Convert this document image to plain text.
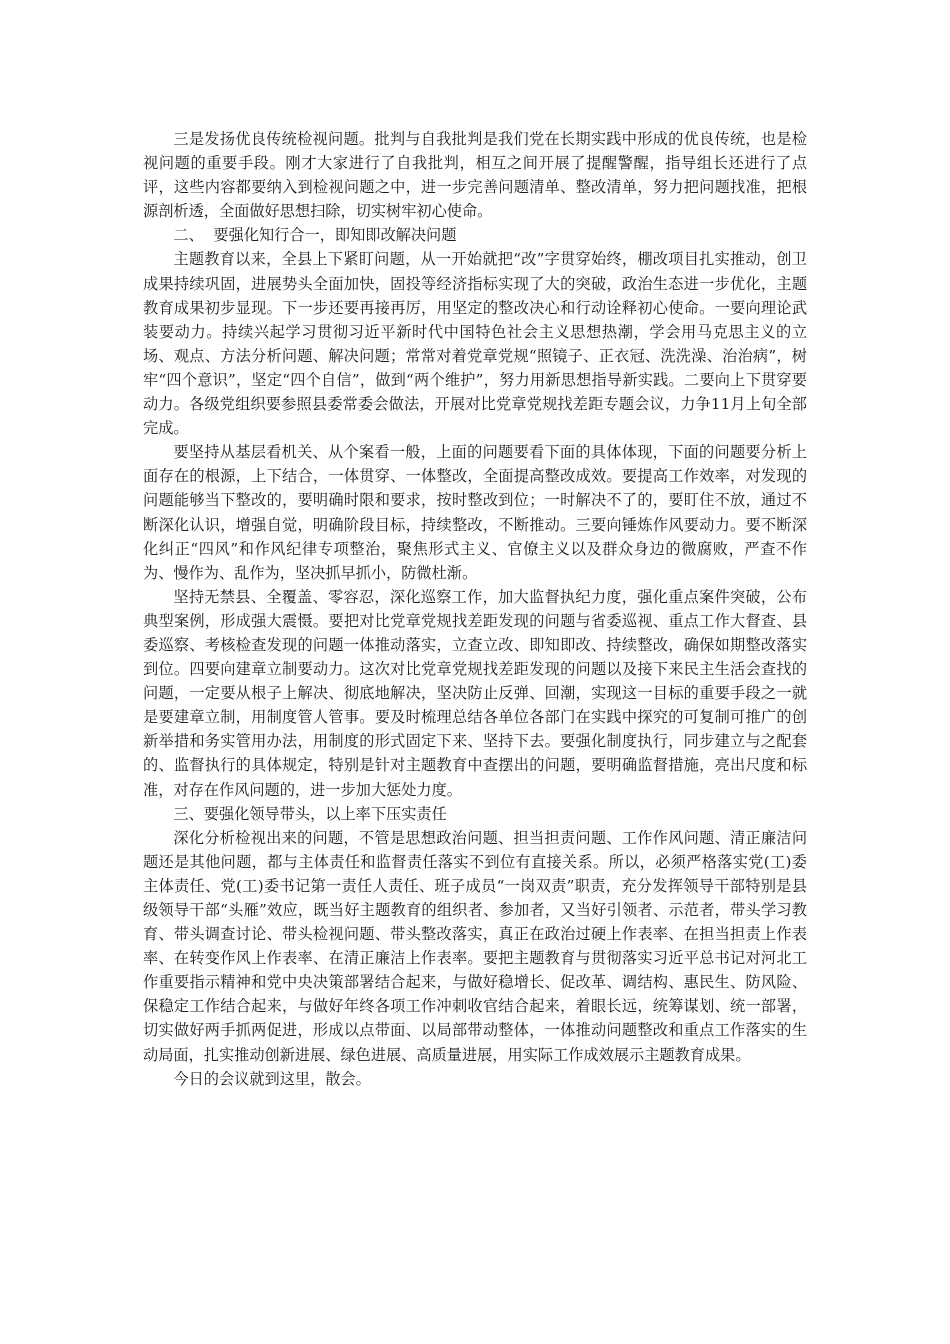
三是发扬优良传统检视问题。批判与自我批判是我们党在长期实践中形成的优良传统，也是检视问题的重要手段。刚才大家进行了自我批判，相互之间开展了提醒警醒，指导组长还进行了点评，这些内容都要纳入到检视问题之中，进一步完善问题清单、整改清单，努力把问题找准，把根源剖析透，全面做好思想扫除，切实树牢初心使命。

二、  要强化知行合一，即知即改解决问题

主题教育以来，全县上下紧盯问题，从一开始就把“改”字贯穿始终，棚改项目扎实推动，创卫成果持续巩固，进展势头全面加快，固投等经济指标实现了大的突破，政治生态进一步优化，主题教育成果初步显现。下一步还要再接再厉，用坚定的整改决心和行动诠释初心使命。一要向理论武装要动力。持续兴起学习贯彻习近平新时代中国特色社会主义思想热潮，学会用马克思主义的立场、观点、方法分析问题、解决问题；常常对着党章党规“照镜子、正衣冠、洗洗澡、治治病”，树牢“四个意识”，坚定“四个自信”，做到“两个维护”，努力用新思想指导新实践。二要向上下贯穿要动力。各级党组织要参照县委常委会做法，开展对比党章党规找差距专题会议，力争11月上旬全部完成。

要坚持从基层看机关、从个案看一般，上面的问题要看下面的具体体现，下面的问题要分析上面存在的根源，上下结合，一体贯穿、一体整改，全面提高整改成效。要提高工作效率，对发现的问题能够当下整改的，要明确时限和要求，按时整改到位；一时解决不了的，要盯住不放，通过不断深化认识，增强自觉，明确阶段目标，持续整改，不断推动。三要向锤炼作风要动力。要不断深化纠正“四风”和作风纪律专项整治，聚焦形式主义、官僚主义以及群众身边的微腐败，严查不作为、慢作为、乱作为，坚决抓早抓小，防微杜渐。

坚持无禁县、全覆盖、零容忍，深化巡察工作，加大监督执纪力度，强化重点案件突破，公布典型案例，形成强大震慑。要把对比党章党规找差距发现的问题与省委巡视、重点工作大督查、县委巡察、考核检查发现的问题一体推动落实，立查立改、即知即改、持续整改，确保如期整改落实到位。四要向建章立制要动力。这次对比党章党规找差距发现的问题以及接下来民主生活会查找的问题，一定要从根子上解决、彻底地解决，坚决防止反弹、回潮，实现这一目标的重要手段之一就是要建章立制，用制度管人管事。要及时梳理总结各单位各部门在实践中探究的可复制可推广的创新举措和务实管用办法，用制度的形式固定下来、坚持下去。要强化制度执行，同步建立与之配套的、监督执行的具体规定，特别是针对主题教育中查摆出的问题，要明确监督措施，亮出尺度和标准，对存在作风问题的，进一步加大惩处力度。

三、要强化领导带头，以上率下压实责任

深化分析检视出来的问题，不管是思想政治问题、担当担责问题、工作作风问题、清正廉洁问题还是其他问题，都与主体责任和监督责任落实不到位有直接关系。所以，必须严格落实党(工)委主体责任、党(工)委书记第一责任人责任、班子成员“一岗双责”职责，充分发挥领导干部特别是县级领导干部“头雁”效应，既当好主题教育的组织者、参加者，又当好引领者、示范者，带头学习教育、带头调查讨论、带头检视问题、带头整改落实，真正在政治过硬上作表率、在担当担责上作表率、在转变作风上作表率、在清正廉洁上作表率。要把主题教育与贯彻落实习近平总书记对河北工作重要指示精神和党中央决策部署结合起来，与做好稳增长、促改革、调结构、惠民生、防风险、保稳定工作结合起来，与做好年终各项工作冲刺收官结合起来，着眼长远，统筹谋划、统一部署，切实做好两手抓两促进，形成以点带面、以局部带动整体，一体推动问题整改和重点工作落实的生动局面，扎实推动创新进展、绿色进展、高质量进展，用实际工作成效展示主题教育成果。

今日的会议就到这里，散会。
